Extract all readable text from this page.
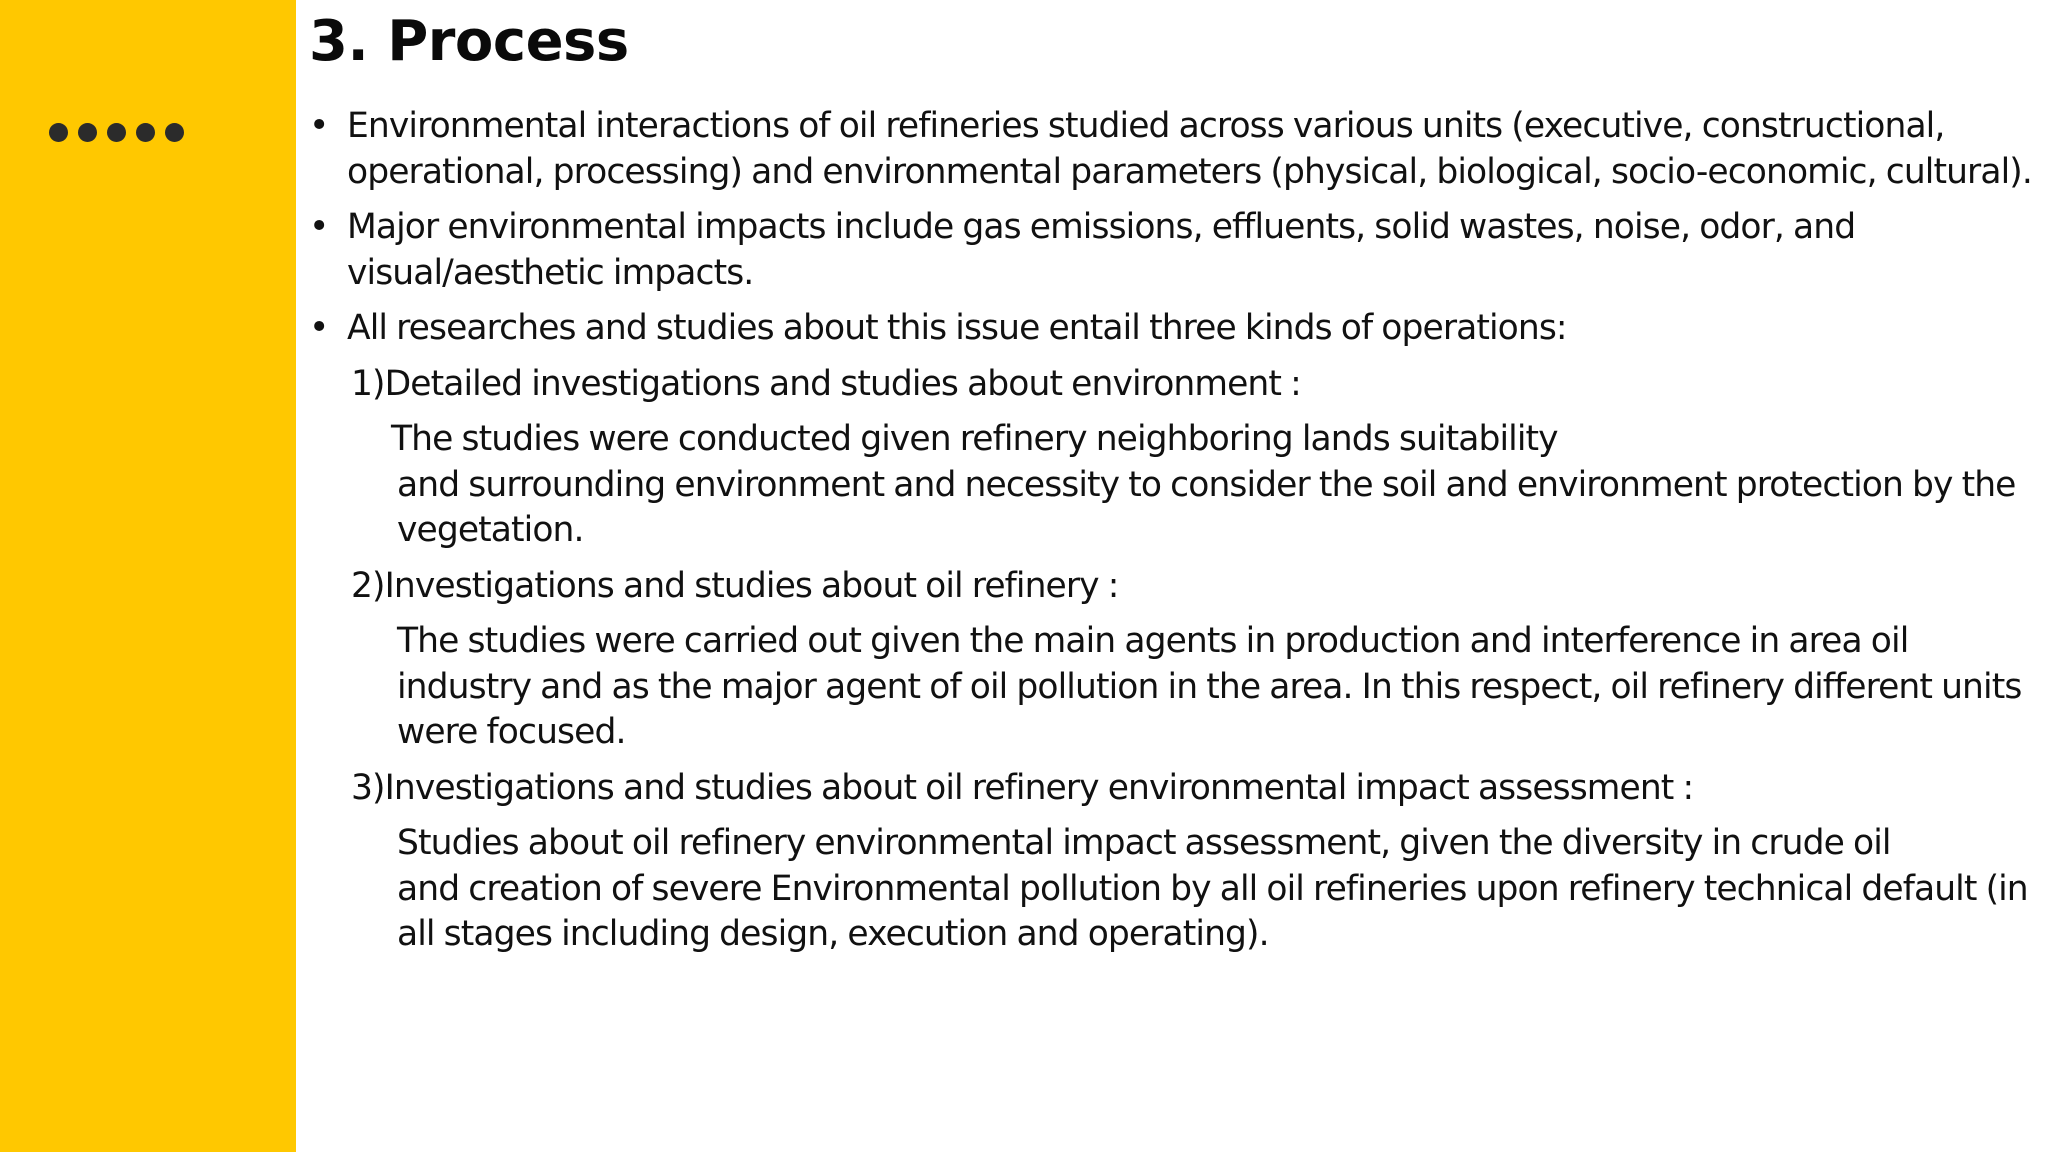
3. Process
• Environmental interactions of oil refineries studied across various units (executive, constructional, operational, processing) and environmental parameters (physical, biological, socio-economic, cultural).
• Major environmental impacts include gas emissions, effluents, solid wastes, noise, odor, and visual/aesthetic impacts.
• All researches and studies about this issue entail three kinds of operations:
1)Detailed investigations and studies about environment :
The studies were conducted given refinery neighboring lands suitability
and surrounding environment and necessity to consider the soil and environment protection by the vegetation.
2)Investigations and studies about oil refinery :
The studies were carried out given the main agents in production and interference in area oil
industry and as the major agent of oil pollution in the area. In this respect, oil refinery different units were focused.
3)Investigations and studies about oil refinery environmental impact assessment :
Studies about oil refinery environmental impact assessment, given the diversity in crude oil
and creation of severe Environmental pollution by all oil refineries upon refinery technical default (in all stages including design, execution and operating).
